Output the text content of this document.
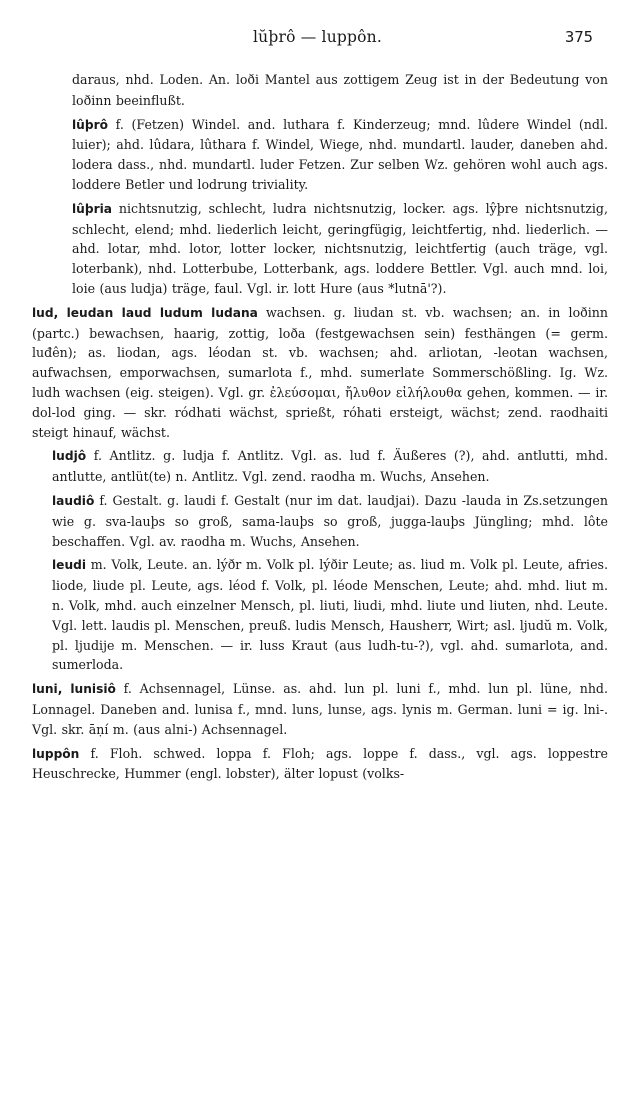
lŭþrô — luppôn.	375

daraus, nhd. Loden. An. loði Mantel aus zottigem Zeug ist in der Bedeutung von loðinn beeinflußt.

lûþrô f. (Fetzen) Windel. and. luthara f. Kinderzeug; mnd. lûdere Windel (ndl. luier); ahd. lûdara, lûthara f. Windel, Wiege, nhd. mundartl. lauder, daneben ahd. lodera dass., nhd. mundartl. luder Fetzen. Zur selben Wz. gehören wohl auch ags. loddere Betler und lodrung triviality.

lûþria nichtsnutzig, schlecht, ludra nichtsnutzig, locker. ags. lŷþre nichtsnutzig, schlecht, elend; mhd. liederlich leicht, geringfügig, leichtfertig, nhd. liederlich. — ahd. lotar, mhd. lotor, lotter locker, nichtsnutzig, leichtfertig (auch träge, vgl. loterbank), nhd. Lotterbube, Lotterbank, ags. loddere Bettler. Vgl. auch mnd. loi, loie (aus ludja) träge, faul. Vgl. ir. lott Hure (aus *lutnā'?).

lud, leudan laud ludum ludana wachsen. g. liudan st. vb. wachsen; an. in loðinn (partc.) bewachsen, haarig, zottig, loða (festgewachsen sein) festhängen (= germ. luđên); as. liodan, ags. léodan st. vb. wachsen; ahd. arliotan, -leotan wachsen, aufwachsen, emporwachsen, sumarlota f., mhd. sumerlate Sommerschößling. Ig. Wz. ludh wachsen (eig. steigen). Vgl. gr. ἐλεύσομαι, ἤλυθον εἰλήλουθα gehen, kommen. — ir. dol-lod ging. — skr. ródhati wächst, sprießt, róhati ersteigt, wächst; zend. raodhaiti steigt hinauf, wächst.

ludjô f. Antlitz. g. ludja f. Antlitz. Vgl. as. lud f. Äußeres (?), ahd. antlutti, mhd. antlutte, antlüt(te) n. Antlitz. Vgl. zend. raodha m. Wuchs, Ansehen.

laudiô f. Gestalt. g. laudi f. Gestalt (nur im dat. laudjai). Dazu -lauda in Zs.setzungen wie g. sva-lauþs so groß, sama-lauþs so groß, jugga-lauþs Jüngling; mhd. lôte beschaffen. Vgl. av. raodha m. Wuchs, Ansehen.

leudi m. Volk, Leute. an. lýðr m. Volk pl. lýðir Leute; as. liud m. Volk pl. Leute, afries. liode, liude pl. Leute, ags. léod f. Volk, pl. léode Menschen, Leute; ahd. mhd. liut m. n. Volk, mhd. auch einzelner Mensch, pl. liuti, liudi, mhd. liute und liuten, nhd. Leute. Vgl. lett. laudis pl. Menschen, preuß. ludis Mensch, Hausherr, Wirt; asl. ljudŭ m. Volk, pl. ljudije m. Menschen. — ir. luss Kraut (aus ludh-tu-?), vgl. ahd. sumarlota, and. sumerloda.

luni, lunisiô f. Achsennagel, Lünse. as. ahd. lun pl. luni f., mhd. lun pl. lüne, nhd. Lonnagel. Daneben and. lunisa f., mnd. luns, lunse, ags. lynis m. German. luni = ig. lni-. Vgl. skr. āṇí m. (aus alni-) Achsennagel.

luppôn f. Floh. schwed. loppa f. Floh; ags. loppe f. dass., vgl. ags. loppestre Heuschrecke, Hummer (engl. lobster), älter lopust (volks-
